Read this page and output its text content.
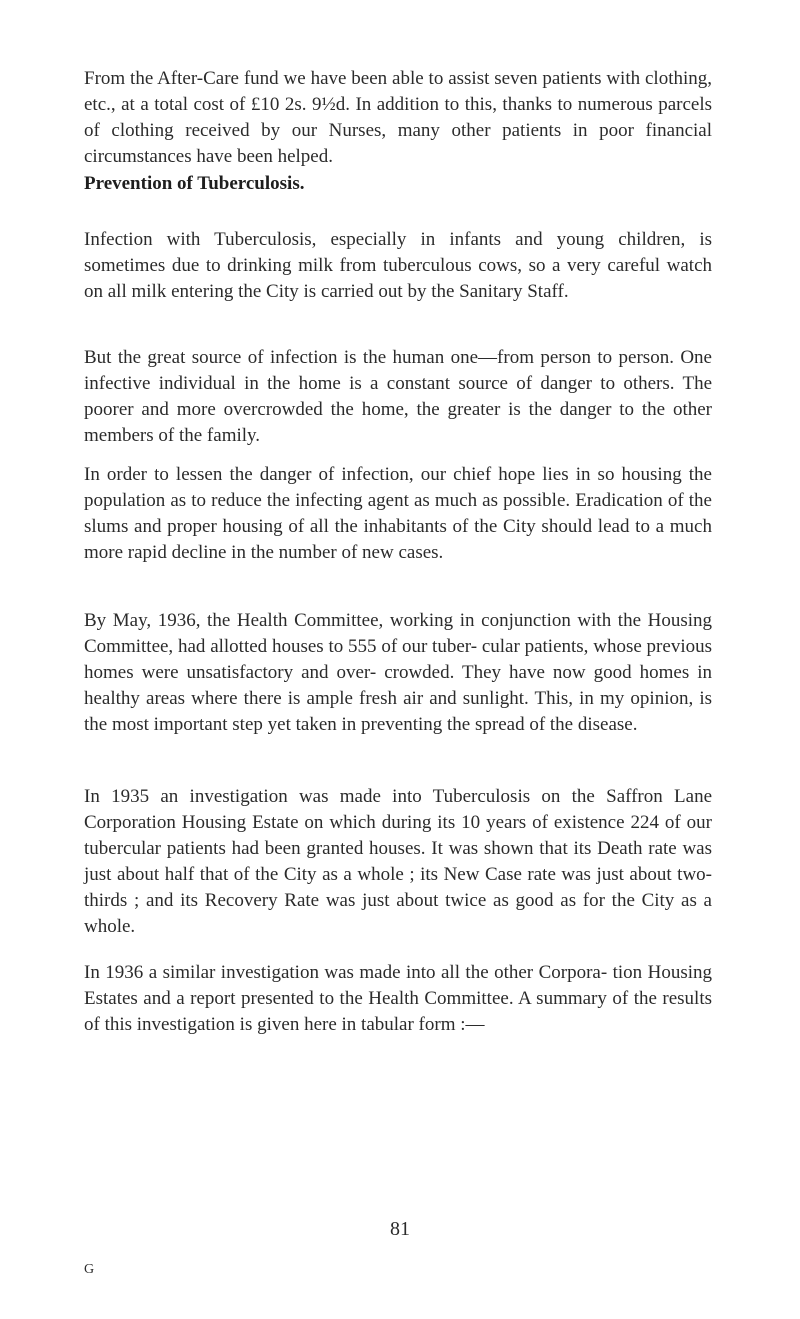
From the After-Care fund we have been able to assist seven patients with clothing, etc., at a total cost of £10 2s. 9½d. In addition to this, thanks to numerous parcels of clothing received by our Nurses, many other patients in poor financial circumstances have been helped.

Prevention of Tuberculosis.

Infection with Tuberculosis, especially in infants and young children, is sometimes due to drinking milk from tuberculous cows, so a very careful watch on all milk entering the City is carried out by the Sanitary Staff.

But the great source of infection is the human one—from person to person. One infective individual in the home is a constant source of danger to others. The poorer and more overcrowded the home, the greater is the danger to the other members of the family.

In order to lessen the danger of infection, our chief hope lies in so housing the population as to reduce the infecting agent as much as possible. Eradication of the slums and proper housing of all the inhabitants of the City should lead to a much more rapid decline in the number of new cases.

By May, 1936, the Health Committee, working in conjunction with the Housing Committee, had allotted houses to 555 of our tuber- cular patients, whose previous homes were unsatisfactory and over- crowded. They have now good homes in healthy areas where there is ample fresh air and sunlight. This, in my opinion, is the most important step yet taken in preventing the spread of the disease.

In 1935 an investigation was made into Tuberculosis on the Saffron Lane Corporation Housing Estate on which during its 10 years of existence 224 of our tubercular patients had been granted houses. It was shown that its Death rate was just about half that of the City as a whole ; its New Case rate was just about two-thirds ; and its Recovery Rate was just about twice as good as for the City as a whole.

In 1936 a similar investigation was made into all the other Corpora- tion Housing Estates and a report presented to the Health Committee. A summary of the results of this investigation is given here in tabular form :—

81
G
